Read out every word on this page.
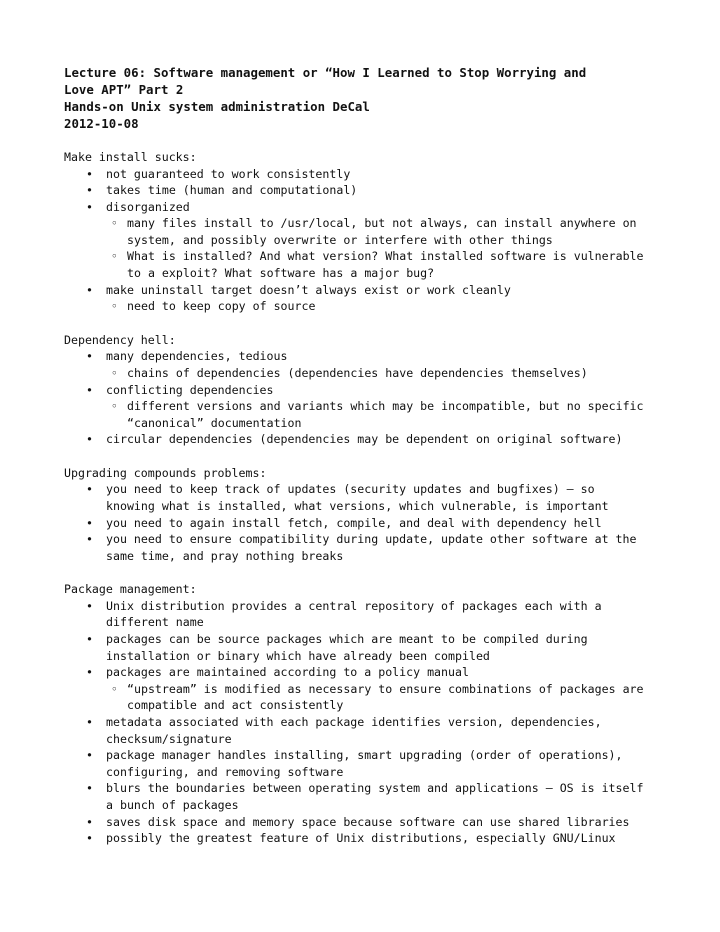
Lecture 06: Software management or “How I Learned to Stop Worrying and
Love APT” Part 2
Hands-on Unix system administration DeCal
2012-10-08
Make install sucks:
• not guaranteed to work consistently
• takes time (human and computational)
• disorganized
◦ many files install to /usr/local, but not always, can install anywhere on
system, and possibly overwrite or interfere with other things
◦ What is installed? And what version? What installed software is vulnerable
to a exploit? What software has a major bug?
• make uninstall target doesn’t always exist or work cleanly
◦ need to keep copy of source
Dependency hell:
• many dependencies, tedious
◦ chains of dependencies (dependencies have dependencies themselves)
• conflicting dependencies
◦ different versions and variants which may be incompatible, but no specific
“canonical” documentation
• circular dependencies (dependencies may be dependent on original software)
Upgrading compounds problems:
• you need to keep track of updates (security updates and bugfixes) — so
knowing what is installed, what versions, which vulnerable, is important
• you need to again install fetch, compile, and deal with dependency hell
• you need to ensure compatibility during update, update other software at the
same time, and pray nothing breaks
Package management:
• Unix distribution provides a central repository of packages each with a
different name
• packages can be source packages which are meant to be compiled during
installation or binary which have already been compiled
• packages are maintained according to a policy manual
◦ “upstream” is modified as necessary to ensure combinations of packages are
compatible and act consistently
• metadata associated with each package identifies version, dependencies,
checksum/signature
• package manager handles installing, smart upgrading (order of operations),
configuring, and removing software
• blurs the boundaries between operating system and applications — OS is itself
a bunch of packages
• saves disk space and memory space because software can use shared libraries
• possibly the greatest feature of Unix distributions, especially GNU/Linux
